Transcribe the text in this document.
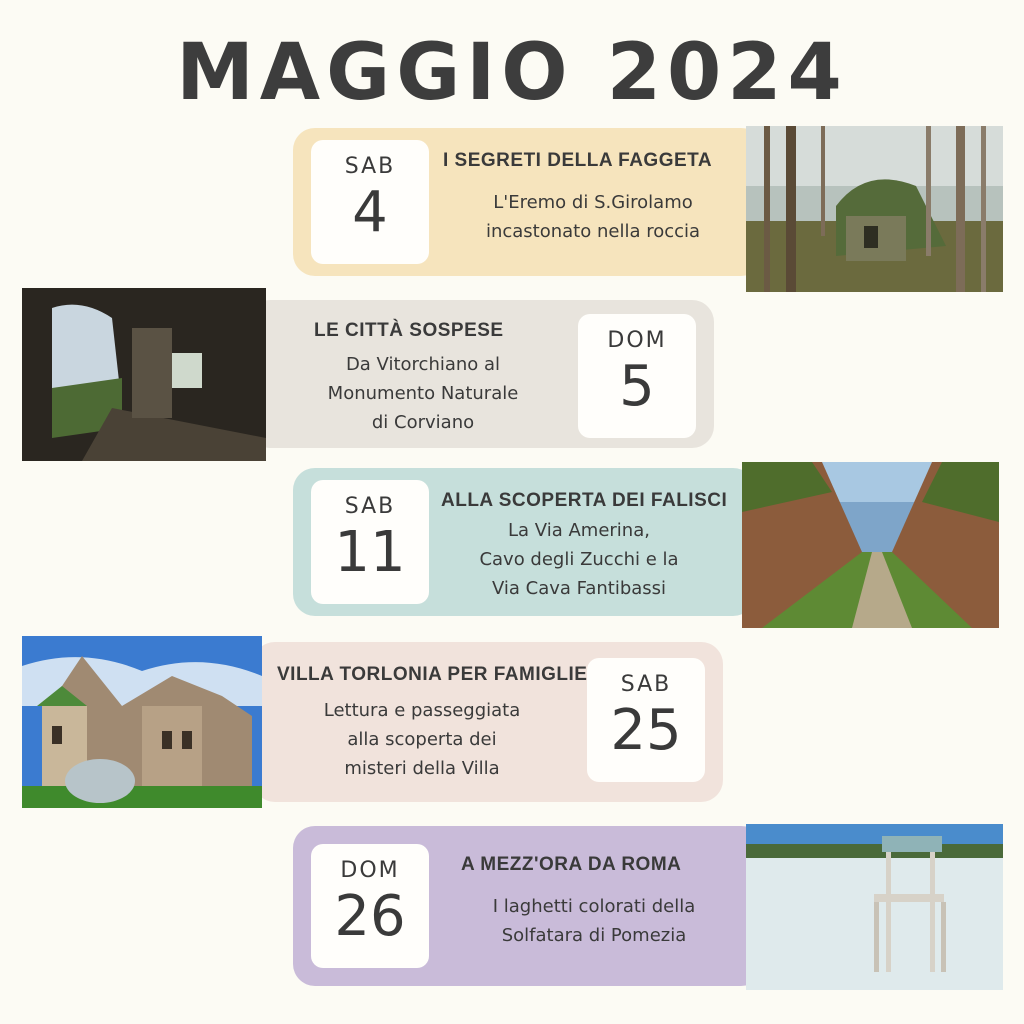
MAGGIO 2024
SAB
4
I SEGRETI DELLA FAGGETA
L'Eremo di S.Girolamo
incastonato nella roccia
LE CITTÀ SOSPESE
Da Vitorchiano al
Monumento Naturale
di Corviano
DOM
5
SAB
11
ALLA SCOPERTA DEI FALISCI
La Via Amerina,
Cavo degli Zucchi e la
Via Cava Fantibassi
VILLA TORLONIA PER FAMIGLIE
Lettura e passeggiata
alla scoperta dei
misteri della Villa
SAB
25
DOM
26
A MEZZ'ORA DA ROMA
I laghetti colorati della
Solfatara di Pomezia
